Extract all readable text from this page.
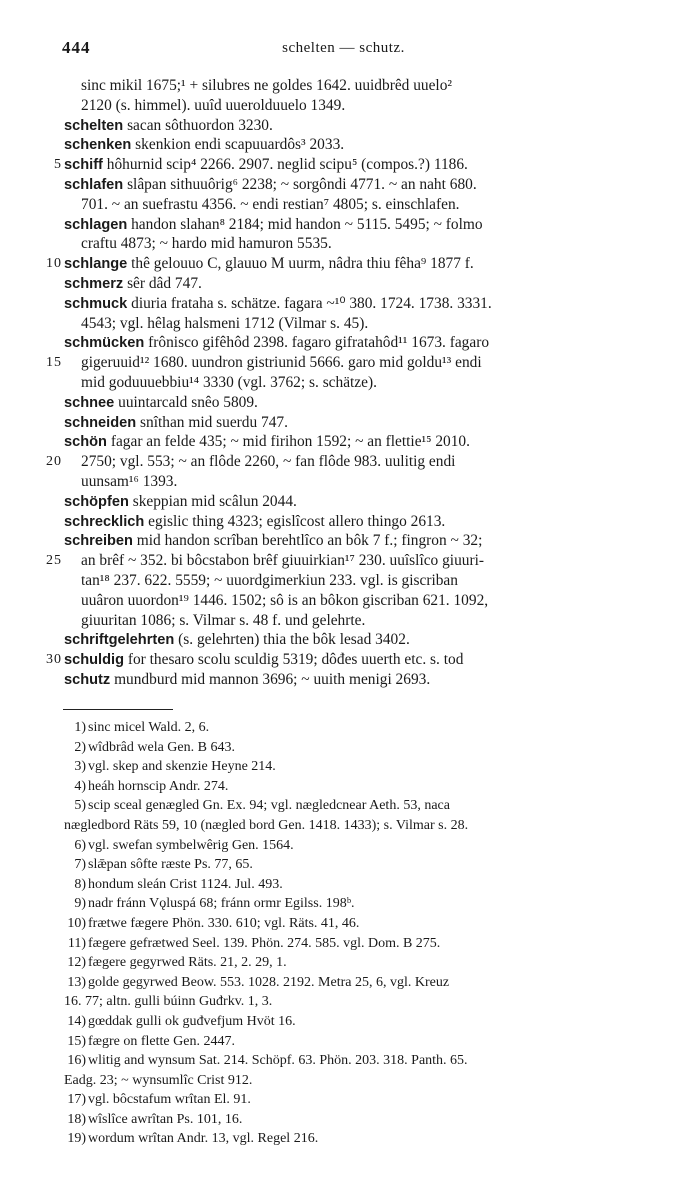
444	schelten — schutz.
sinc mikil 1675;¹ + silubres ne goldes 1642. uuidbrêd uuelo²
2120 (s. himmel). uuîd uuerolduuelo 1349.
schelten sacan sôthuordon 3230.
schenken skenkion endi scapuuardôs³ 2033.
5 schiff hôhurnid scip⁴ 2266. 2907. neglid scipu⁵ (compos.?) 1186.
schlafen slâpan sithuuôrig⁶ 2238; ~ sorgôndi 4771. ~ an naht 680.
701. ~ an suefrastu 4356. ~ endi restian⁷ 4805; s. einschlafen.
schlagen handon slahan⁸ 2184; mid handon ~ 5115. 5495; ~ folmo
craftu 4873; ~ hardo mid hamuron 5535.
10 schlange thê gelouuo C, glauuo M uurm, nâdra thiu fêha⁹ 1877 f.
schmerz sêr dâd 747.
schmuck diuria frataha s. schätze. fagara ~¹⁰ 380. 1724. 1738. 3331.
4543; vgl. hêlag halsmeni 1712 (Vilmar s. 45).
schmücken frônisco gifêhôd 2398. fagaro gifratahôd¹¹ 1673. fagaro
15 gigeruuid¹² 1680. uundron gistriunid 5666. garo mid goldu¹³ endi
mid goduuuebbiu¹⁴ 3330 (vgl. 3762; s. schätze).
schnee uuintarcald snêo 5809.
schneiden snîthan mid suerdu 747.
schön fagar an felde 435; ~ mid firihon 1592; ~ an flettie¹⁵ 2010.
20 2750; vgl. 553; ~ an flôde 2260, ~ fan flôde 983. uulitig endi
uunsam¹⁶ 1393.
schöpfen skeppian mid scâlun 2044.
schrecklich egislic thing 4323; egislîcost allero thingo 2613.
schreiben mid handon scrîban berehtlîco an bôk 7 f.; fingron ~ 32;
25 an brêf ~ 352. bi bôcstabon brêf giuuirkian¹⁷ 230. uuîslîco giuuri-
tan¹⁸ 237. 622. 5559; ~ uuordgimerkiun 233. vgl. is giscriban
uuâron uuordon¹⁹ 1446. 1502; sô is an bôkon giscriban 621. 1092,
giuuritan 1086; s. Vilmar s. 48 f. und gelehrte.
schriftgelehrten (s. gelehrten) thia the bôk lesad 3402.
30 schuldig for thesaro scolu sculdig 5319; dôđes uuerth etc. s. tod
schutz mundburd mid mannon 3696; ~ uuith menigi 2693.
1) sinc micel Wald. 2, 6.
2) wîdbrâd wela Gen. B 643.
3) vgl. skep and skenzie Heyne 214.
4) heáh hornscip Andr. 274.
5) scip sceal genægled Gn. Ex. 94; vgl. nægledcnear Aeth. 53, naca
nægledbord Räts 59, 10 (nægled bord Gen. 1418. 1433); s. Vilmar s. 28.
6) vgl. swefan symbelwêrig Gen. 1564.
7) slǣpan sôfte ræste Ps. 77, 65.
8) hondum sleán Crist 1124. Jul. 493.
9) nadr fránn Vǫluspá 68; fránn ormr Egilss. 198ᵇ.
10) frætwe fægere Phön. 330. 610; vgl. Räts. 41, 46.
11) fægere gefrætwed Seel. 139. Phön. 274. 585. vgl. Dom. B 275.
12) fægere gegyrwed Räts. 21, 2. 29, 1.
13) golde gegyrwed Beow. 553. 1028. 2192. Metra 25, 6, vgl. Kreuz
16. 77; altn. gulli búinn Guđrkv. 1, 3.
14) gœddak gulli ok guđvefjum Hvöt 16.
15) fægre on flette Gen. 2447.
16) wlitig and wynsum Sat. 214. Schöpf. 63. Phön. 203. 318. Panth. 65.
Eadg. 23; ~ wynsumlîc Crist 912.
17) vgl. bôcstafum wrîtan El. 91.
18) wîslîce awrîtan Ps. 101, 16.
19) wordum wrîtan Andr. 13, vgl. Regel 216.
